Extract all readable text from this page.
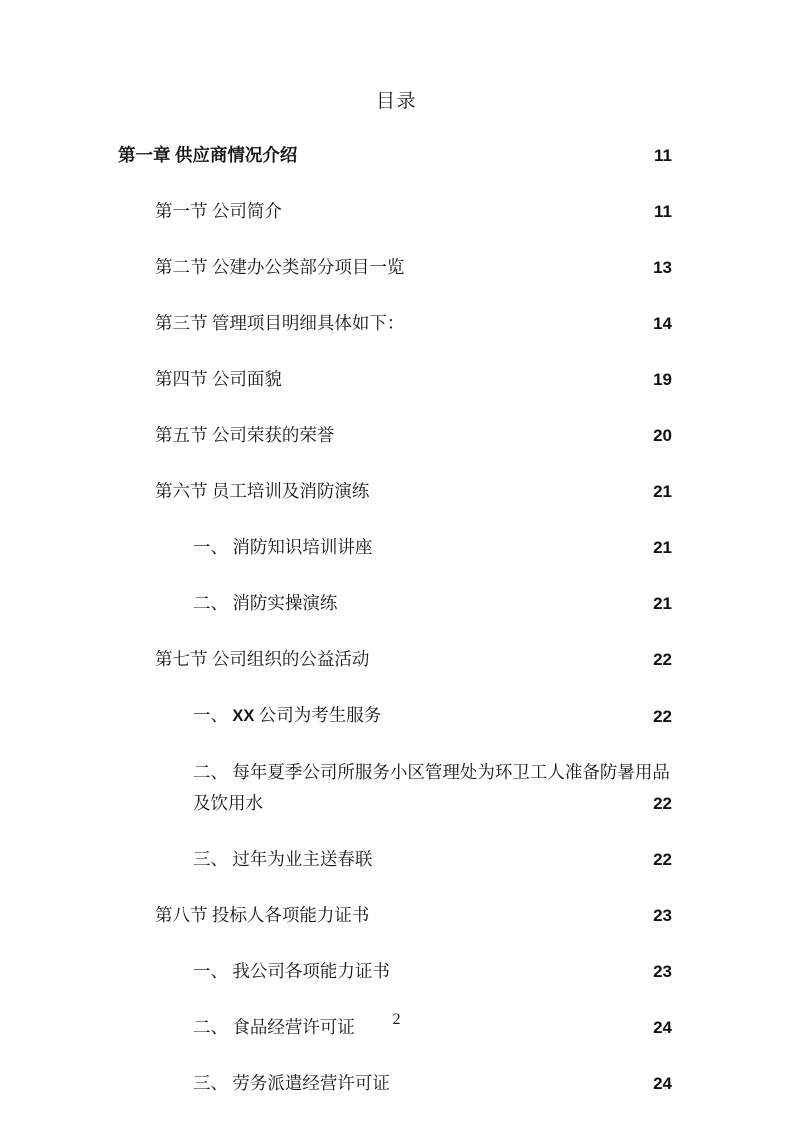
目录
第一章 供应商情况介绍 .....	11
第一节 公司简介 .....	11
第二节 公建办公类部分项目一览 .....	13
第三节 管理项目明细具体如下： .....	14
第四节 公司面貌 .....	19
第五节 公司荣获的荣誉 .....	20
第六节 员工培训及消防演练 .....	21
一、 消防知识培训讲座 .....	21
二、 消防实操演练 .....	21
第七节 公司组织的公益活动 .....	22
一、 XX 公司为考生服务 .....	22
二、 每年夏季公司所服务小区管理处为环卫工人准备防暑用品及饮用水 .....	22
三、 过年为业主送春联 .....	22
第八节 投标人各项能力证书 .....	23
一、 我公司各项能力证书 .....	23
二、 食品经营许可证 .....	24
三、 劳务派遣经营许可证 .....	24
2
